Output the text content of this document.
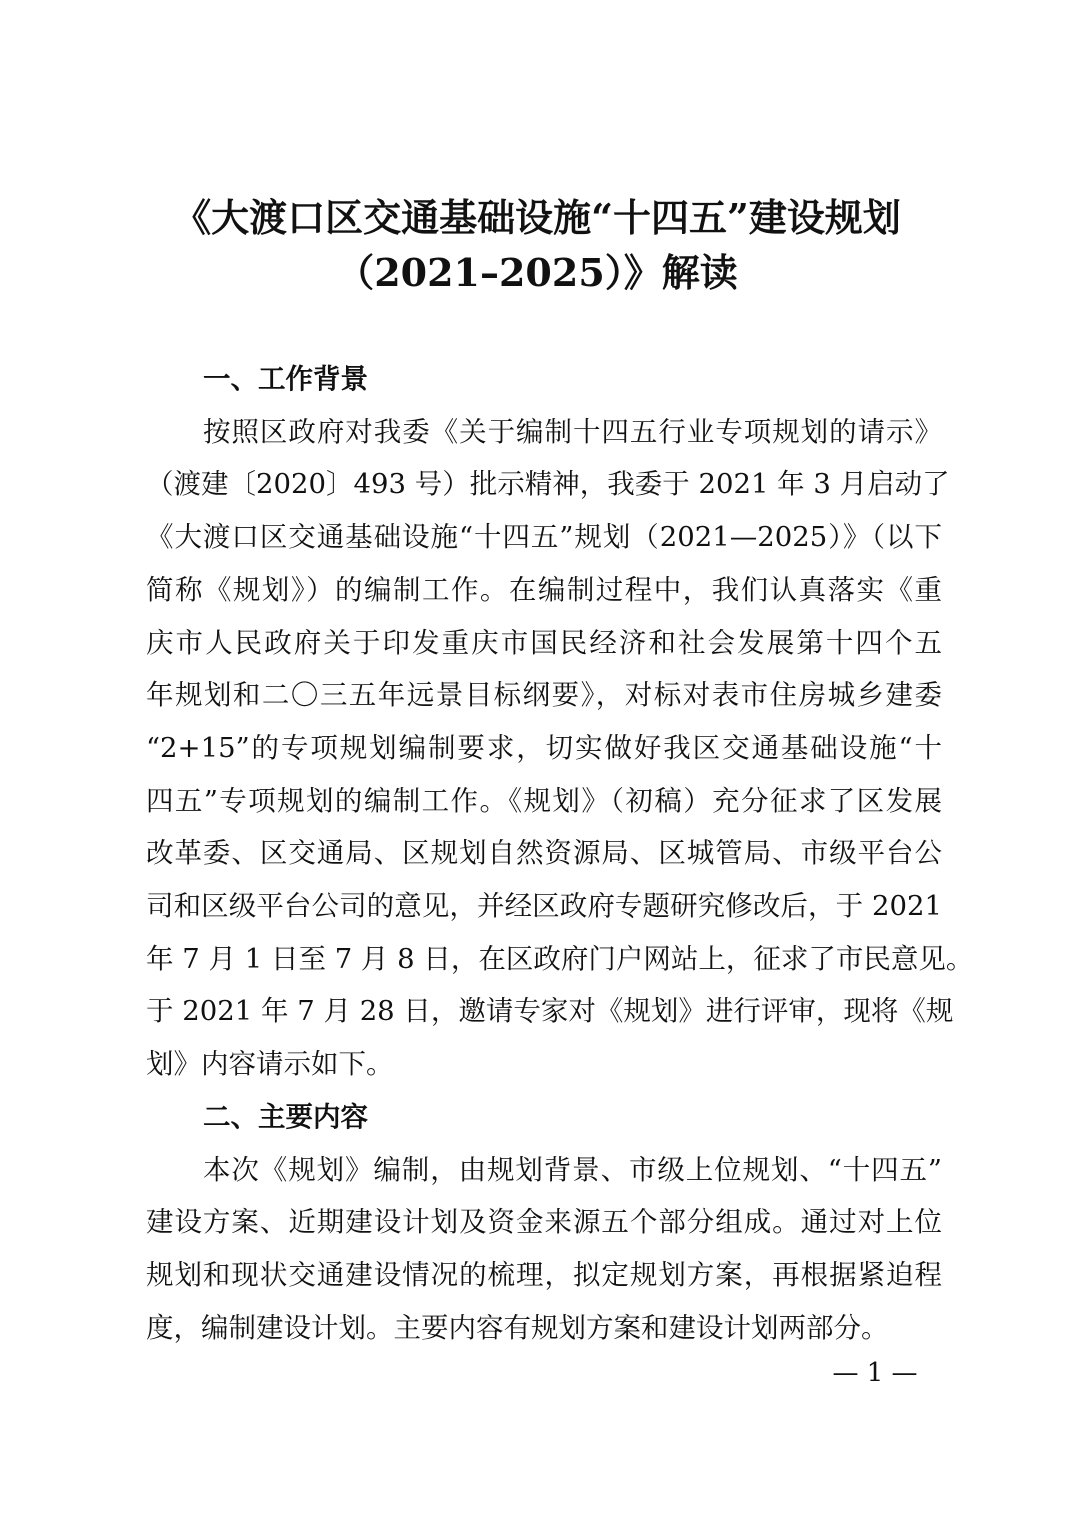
《大渡口区交通基础设施“十四五”建设规划
（2021–2025）》解读

一、工作背景

按照区政府对我委《关于编制十四五行业专项规划的请示》
（渡建〔2020〕493 号）批示精神，我委于 2021 年 3 月启动了
《大渡口区交通基础设施“十四五”规划（2021—2025）》（以下
简称《规划》）的编制工作。在编制过程中，我们认真落实《重
庆市人民政府关于印发重庆市国民经济和社会发展第十四个五
年规划和二〇三五年远景目标纲要》，对标对表市住房城乡建委
“2+15”的专项规划编制要求，切实做好我区交通基础设施“十
四五”专项规划的编制工作。《规划》（初稿）充分征求了区发展
改革委、区交通局、区规划自然资源局、区城管局、市级平台公
司和区级平台公司的意见，并经区政府专题研究修改后，于 2021
年 7 月 1 日至 7 月 8 日，在区政府门户网站上，征求了市民意见。
于 2021 年 7 月 28 日，邀请专家对《规划》进行评审，现将《规
划》内容请示如下。

二、主要内容

本次《规划》编制，由规划背景、市级上位规划、“十四五”
建设方案、近期建设计划及资金来源五个部分组成。通过对上位
规划和现状交通建设情况的梳理，拟定规划方案，再根据紧迫程
度，编制建设计划。主要内容有规划方案和建设计划两部分。
— 1 —
